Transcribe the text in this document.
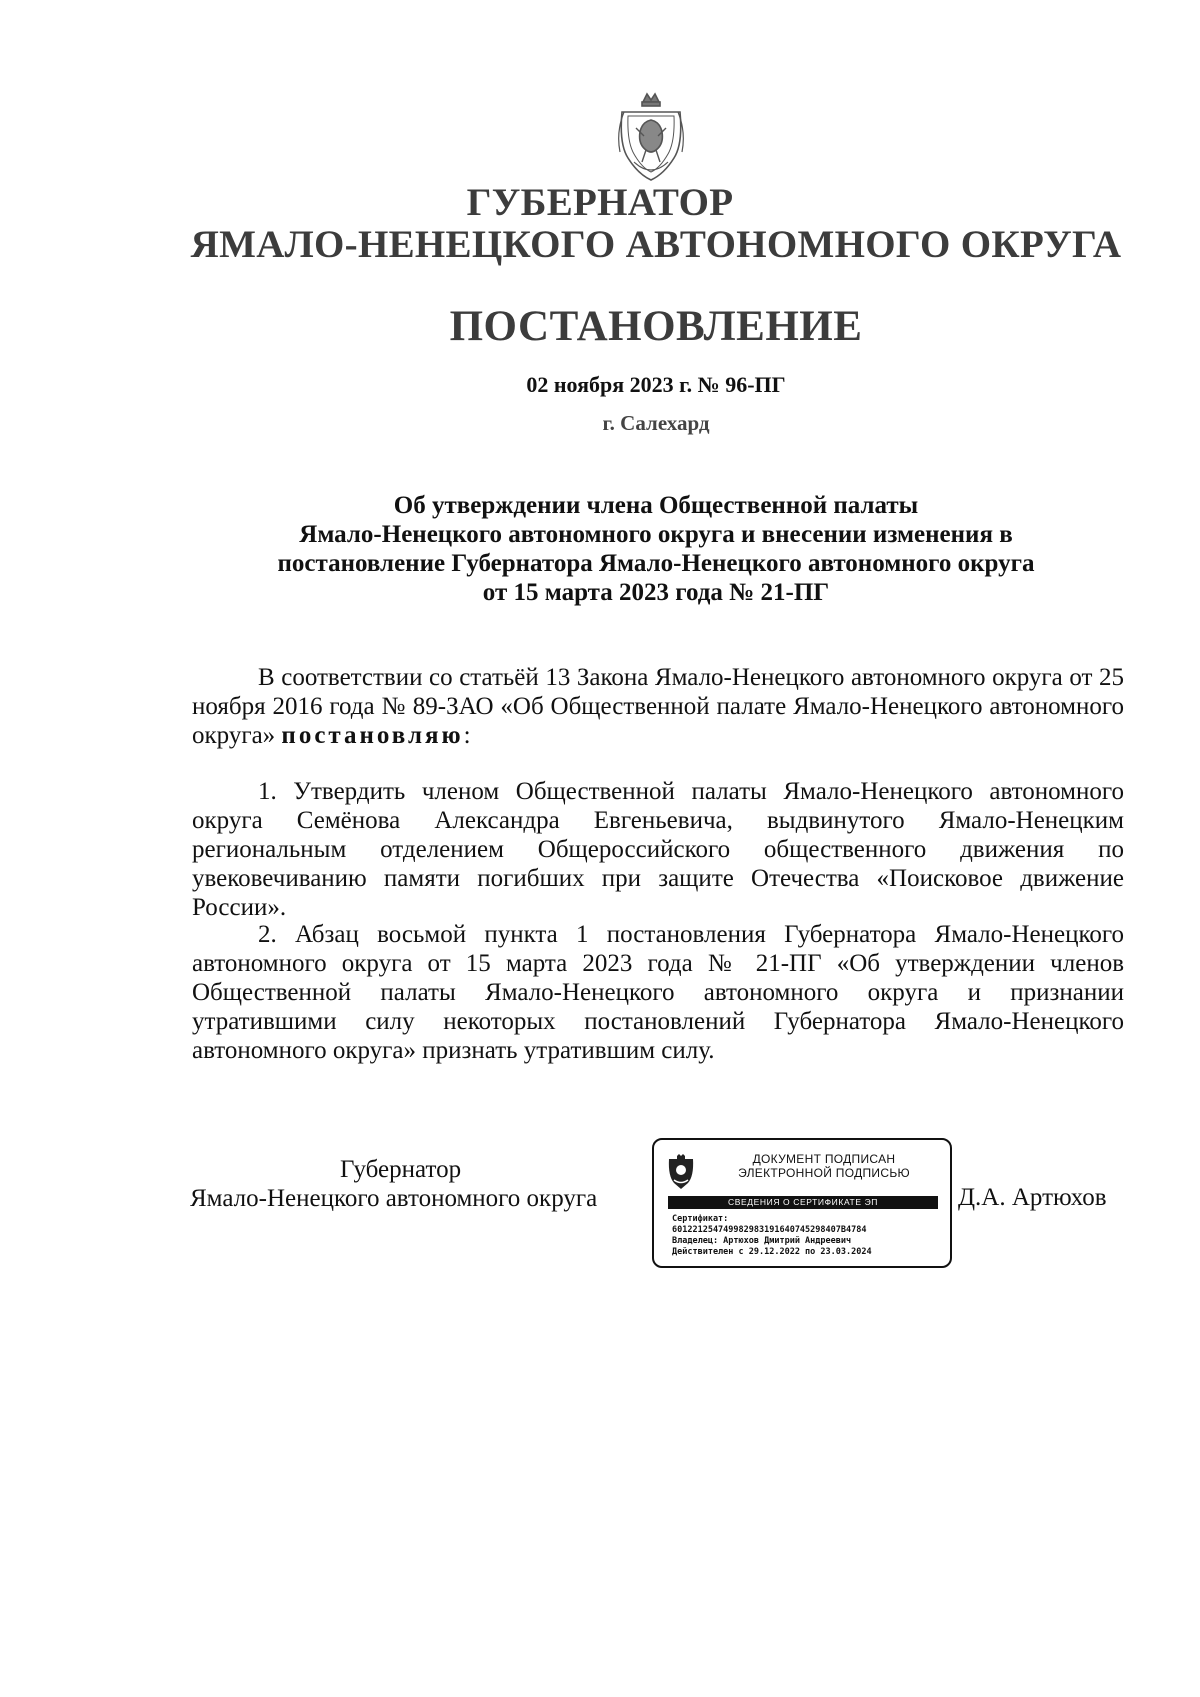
ГУБЕРНАТОР
ЯМАЛО-НЕНЕЦКОГО АВТОНОМНОГО ОКРУГА
ПОСТАНОВЛЕНИЕ
02 ноября 2023 г. № 96-ПГ
г. Салехард
Об утверждении члена Общественной палаты
Ямало-Ненецкого автономного округа и внесении изменения в
постановление Губернатора Ямало-Ненецкого автономного округа
от 15 марта 2023 года № 21-ПГ

В соответствии со статьёй 13 Закона Ямало-Ненецкого автономного округа от 25 ноября 2016 года № 89-ЗАО «Об Общественной палате Ямало-Ненецкого автономного округа» постановляю:

1. Утвердить членом Общественной палаты Ямало-Ненецкого автономного округа Семёнова Александра Евгеньевича, выдвинутого Ямало-Ненецким региональным отделением Общероссийского общественного движения по увековечиванию памяти погибших при защите Отечества «Поисковое движение России».

2. Абзац восьмой пункта 1 постановления Губернатора Ямало-Ненецкого автономного округа от 15 марта 2023 года № 21-ПГ «Об утверждении членов Общественной палаты Ямало-Ненецкого автономного округа и признании утратившими силу некоторых постановлений Губернатора Ямало-Ненецкого автономного округа» признать утратившим силу.

Губернатор
Ямало-Ненецкого автономного округа
ДОКУМЕНТ ПОДПИСАН
ЭЛЕКТРОННОЙ ПОДПИСЬЮ
СВЕДЕНИЯ О СЕРТИФИКАТЕ ЭП
Сертификат:
601221254749982983191640745298407B4784
Владелец: Артюхов Дмитрий Андреевич
Действителен с 29.12.2022 по 23.03.2024
Д.А. Артюхов
